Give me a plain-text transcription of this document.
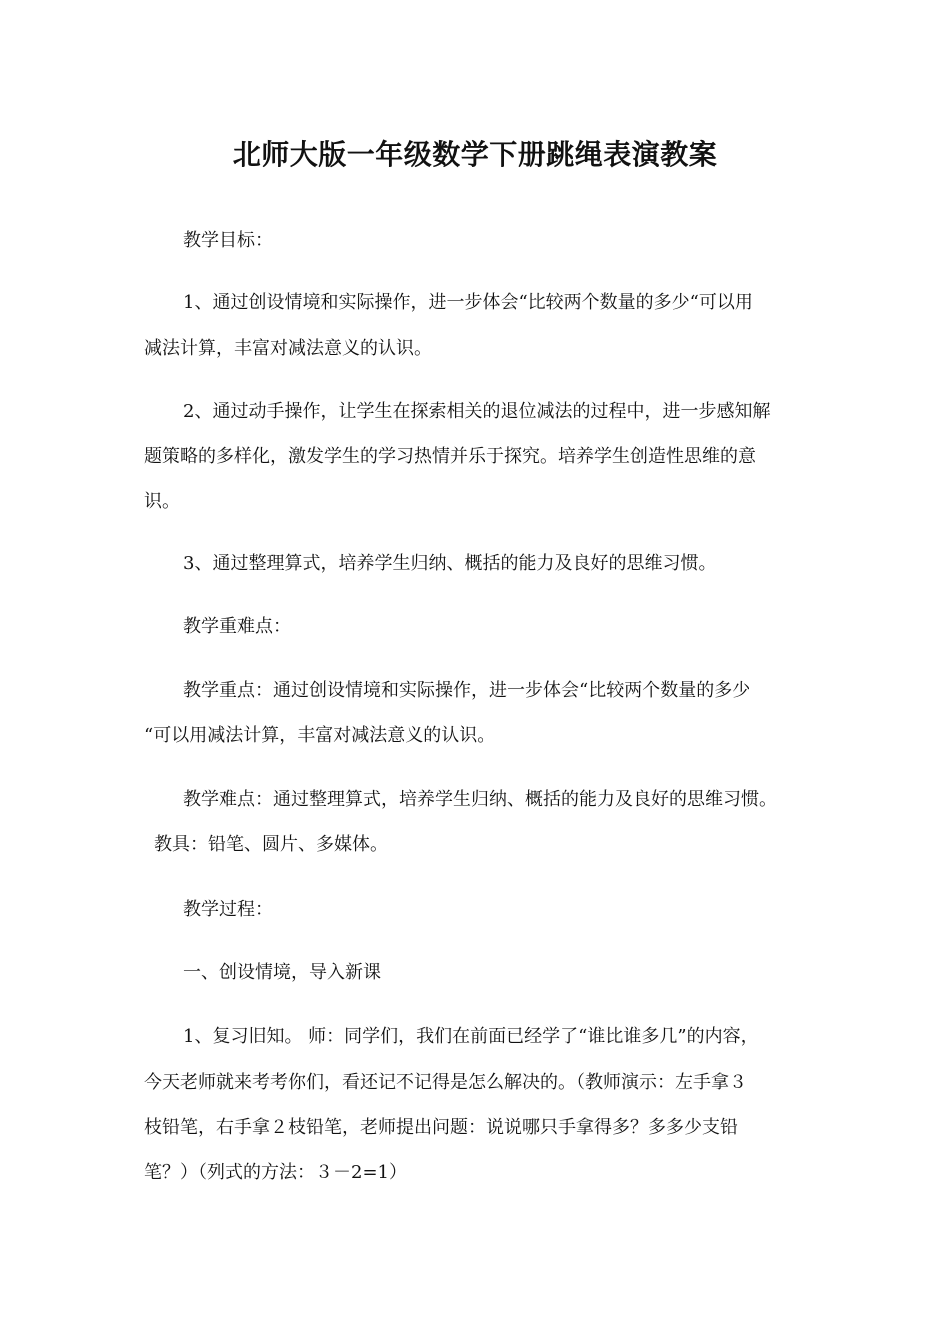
北师大版一年级数学下册跳绳表演教案
教学目标：
1、通过创设情境和实际操作，进一步体会“比较两个数量的多少“可以用
减法计算，丰富对减法意义的认识。
2、通过动手操作，让学生在探索相关的退位减法的过程中，进一步感知解
题策略的多样化，激发学生的学习热情并乐于探究。培养学生创造性思维的意
识。
3、通过整理算式，培养学生归纳、概括的能力及良好的思维习惯。
教学重难点：
教学重点：通过创设情境和实际操作，进一步体会“比较两个数量的多少
“可以用减法计算，丰富对减法意义的认识。
教学难点：通过整理算式，培养学生归纳、概括的能力及良好的思维习惯。
教具：铅笔、圆片、多媒体。
教学过程：
一、创设情境，导入新课
1、复习旧知。 师：同学们，我们在前面已经学了“谁比谁多几”的内容，
今天老师就来考考你们，看还记不记得是怎么解决的。（教师演示：左手拿３
枝铅笔，右手拿２枝铅笔，老师提出问题：说说哪只手拿得多？多多少支铅
笔？）（列式的方法：３－2=1）
